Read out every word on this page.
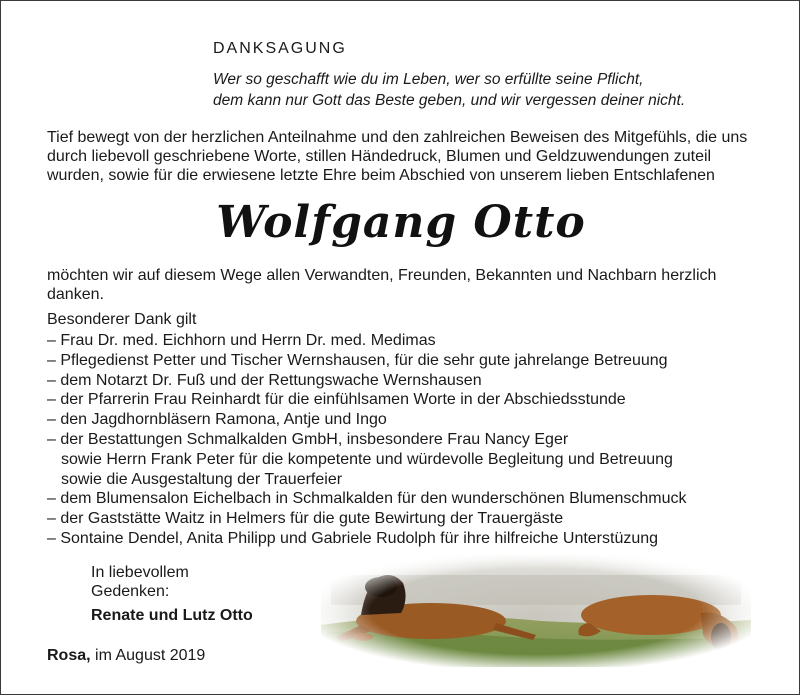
DANKSAGUNG
Wer so geschafft wie du im Leben, wer so erfüllte seine Pflicht,
dem kann nur Gott das Beste geben, und wir vergessen deiner nicht.
Tief bewegt von der herzlichen Anteilnahme und den zahlreichen Beweisen des Mitgefühls, die uns durch liebevoll geschriebene Worte, stillen Händedruck, Blumen und Geldzuwendungen zuteil wurden, sowie für die erwiesene letzte Ehre beim Abschied von unserem lieben Entschlafenen
Wolfgang Otto
möchten wir auf diesem Wege allen Verwandten, Freunden, Bekannten und Nachbarn herzlich danken.
Besonderer Dank gilt
– Frau Dr. med. Eichhorn und Herrn Dr. med. Medimas
– Pflegedienst Petter und Tischer Wernshausen, für die sehr gute jahrelange Betreuung
– dem Notarzt Dr. Fuß und der Rettungswache Wernshausen
– der Pfarrerin Frau Reinhardt für die einfühlsamen Worte in der Abschiedsstunde
– den Jagdhornbläsern Ramona, Antje und Ingo
– der Bestattungen Schmalkalden GmbH, insbesondere Frau Nancy Eger
sowie Herrn Frank Peter für die kompetente und würdevolle Begleitung und Betreuung
sowie die Ausgestaltung der Trauerfeier
– dem Blumensalon Eichelbach in Schmalkalden für den wunderschönen Blumenschmuck
– der Gaststätte Waitz in Helmers für die gute Bewirtung der Trauergäste
– Sontaine Dendel, Anita Philipp und Gabriele Rudolph für ihre hilfreiche Unterstüzung
In liebevollem
Gedenken:
Renate und Lutz Otto
Rosa, im August 2019
